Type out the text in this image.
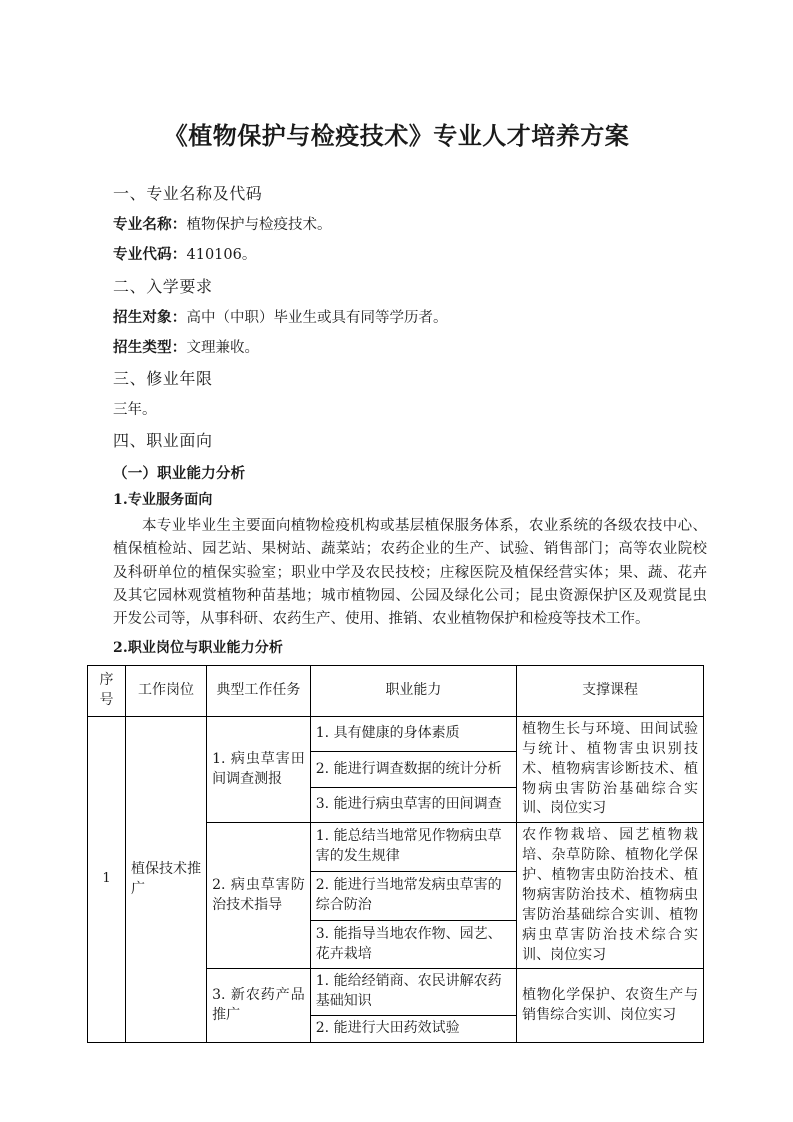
《植物保护与检疫技术》专业人才培养方案

一、专业名称及代码

专业名称：植物保护与检疫技术。

专业代码：410106。

二、入学要求

招生对象：高中（中职）毕业生或具有同等学历者。

招生类型：文理兼收。

三、修业年限

三年。

四、职业面向

（一）职业能力分析

1.专业服务面向

本专业毕业生主要面向植物检疫机构或基层植保服务体系，农业系统的各级农技中心、植保植检站、园艺站、果树站、蔬菜站；农药企业的生产、试验、销售部门；高等农业院校及科研单位的植保实验室；职业中学及农民技校；庄稼医院及植保经营实体；果、蔬、花卉及其它园林观赏植物种苗基地；城市植物园、公园及绿化公司；昆虫资源保护区及观赏昆虫开发公司等，从事科研、农药生产、使用、推销、农业植物保护和检疫等技术工作。

2.职业岗位与职业能力分析

序号	工作岗位	典型工作任务	职业能力	支撑课程
1	植保技术推广	1. 病虫草害田间调查测报	1. 具有健康的身体素质	植物生长与环境、田间试验与统计、植物害虫识别技术、植物病害诊断技术、植物病虫害防治基础综合实训、岗位实习
			2. 能进行调查数据的统计分析	
			3. 能进行病虫草害的田间调查	
		2. 病虫草害防治技术指导	1. 能总结当地常见作物病虫草害的发生规律	农作物栽培、园艺植物栽培、杂草防除、植物化学保护、植物害虫防治技术、植物病害防治技术、植物病虫害防治基础综合实训、植物病虫草害防治技术综合实训、岗位实习
			2. 能进行当地常发病虫草害的综合防治	
			3. 能指导当地农作物、园艺、花卉栽培	
		3. 新农药产品推广	1. 能给经销商、农民讲解农药基础知识	植物化学保护、农资生产与销售综合实训、岗位实习
			2. 能进行大田药效试验	
